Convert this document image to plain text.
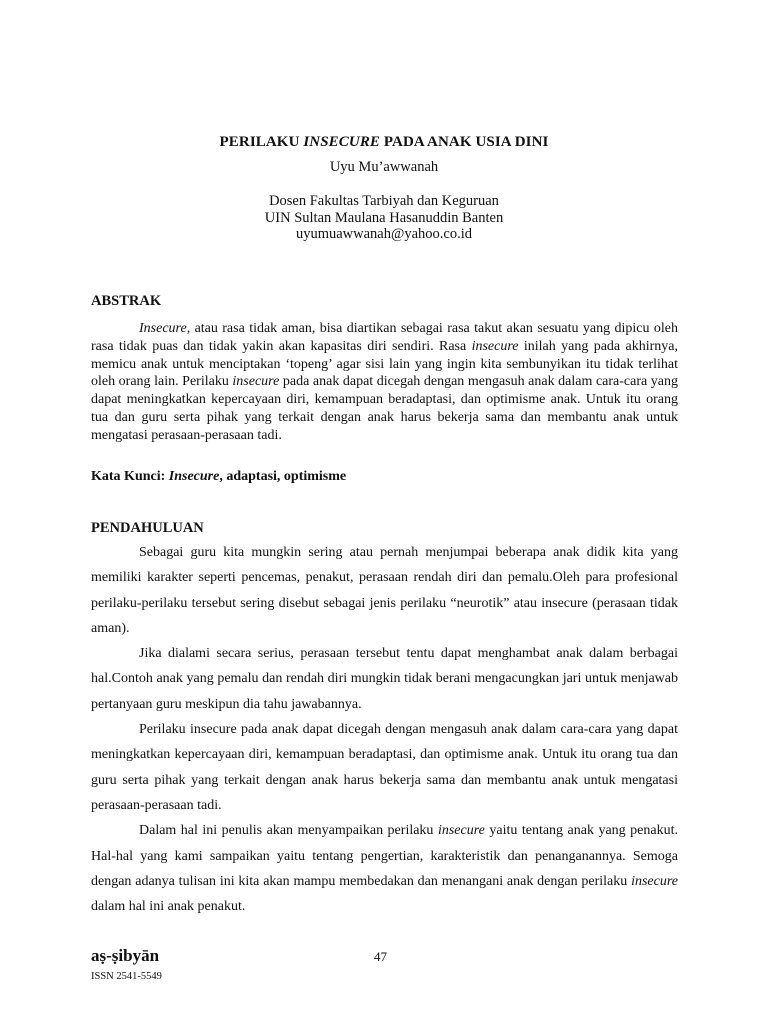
PERILAKU INSECURE PADA ANAK USIA DINI
Uyu Mu’awwanah
Dosen Fakultas Tarbiyah dan Keguruan
UIN Sultan Maulana Hasanuddin Banten
uyumuawwanah@yahoo.co.id
ABSTRAK

Insecure, atau rasa tidak aman, bisa diartikan sebagai rasa takut akan sesuatu yang dipicu oleh rasa tidak puas dan tidak yakin akan kapasitas diri sendiri. Rasa insecure inilah yang pada akhirnya, memicu anak untuk menciptakan ‘topeng’ agar sisi lain yang ingin kita sembunyikan itu tidak terlihat oleh orang lain. Perilaku insecure pada anak dapat dicegah dengan mengasuh anak dalam cara-cara yang dapat meningkatkan kepercayaan diri, kemampuan beradaptasi, dan optimisme anak. Untuk itu orang tua dan guru serta pihak yang terkait dengan anak harus bekerja sama dan membantu anak untuk mengatasi perasaan-perasaan tadi.

Kata Kunci: Insecure, adaptasi, optimisme
PENDAHULUAN

Sebagai guru kita mungkin sering atau pernah menjumpai beberapa anak didik kita yang memiliki karakter seperti pencemas, penakut, perasaan rendah diri dan pemalu.Oleh para profesional perilaku-perilaku tersebut sering disebut sebagai jenis perilaku “neurotik” atau insecure (perasaan tidak aman).

Jika dialami secara serius, perasaan tersebut tentu dapat menghambat anak dalam berbagai hal.Contoh anak yang pemalu dan rendah diri mungkin tidak berani mengacungkan jari untuk menjawab pertanyaan guru meskipun dia tahu jawabannya.

Perilaku insecure pada anak dapat dicegah dengan mengasuh anak dalam cara-cara yang dapat meningkatkan kepercayaan diri, kemampuan beradaptasi, dan optimisme anak. Untuk itu orang tua dan guru serta pihak yang terkait dengan anak harus bekerja sama dan membantu anak untuk mengatasi perasaan-perasaan tadi.

Dalam hal ini penulis akan menyampaikan perilaku insecure yaitu tentang anak yang penakut. Hal-hal yang kami sampaikan yaitu tentang pengertian, karakteristik dan penanganannya. Semoga dengan adanya tulisan ini kita akan mampu membedakan dan menangani anak dengan perilaku insecure dalam hal ini anak penakut.

aṣ-ṣibyān
ISSN 2541-5549
47
